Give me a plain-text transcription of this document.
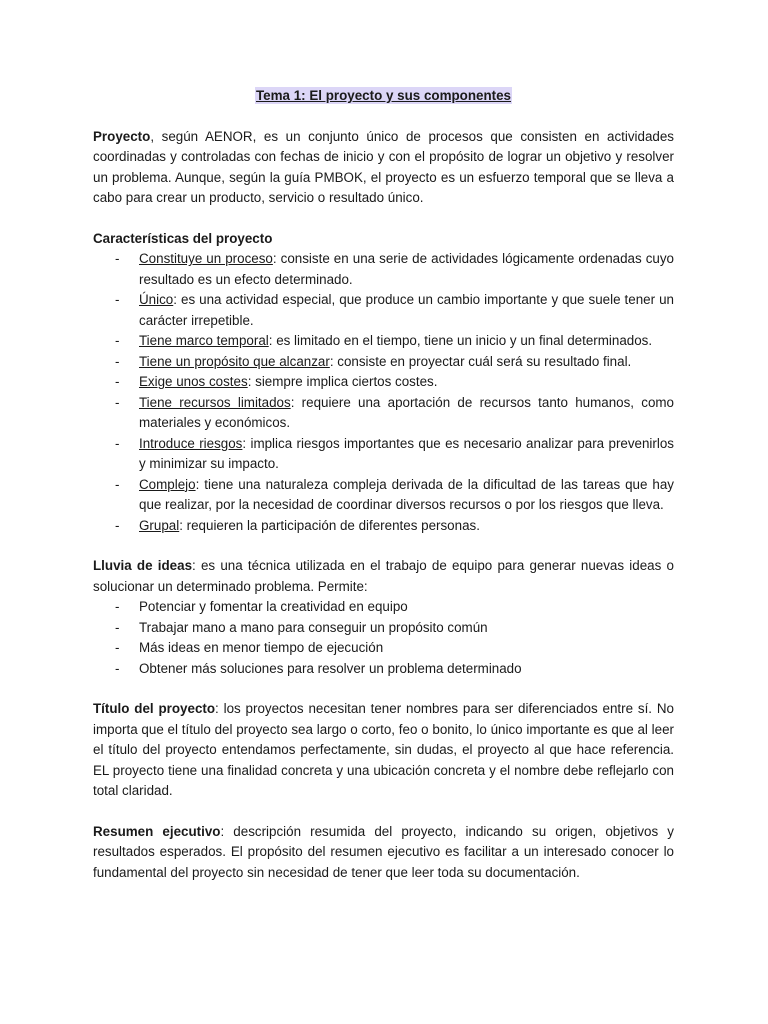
Tema 1: El proyecto y sus componentes

Proyecto, según AENOR, es un conjunto único de procesos que consisten en actividades coordinadas y controladas con fechas de inicio y con el propósito de lograr un objetivo y resolver un problema. Aunque, según la guía PMBOK, el proyecto es un esfuerzo temporal que se lleva a cabo para crear un producto, servicio o resultado único.

Características del proyecto

- Constituye un proceso: consiste en una serie de actividades lógicamente ordenadas cuyo resultado es un efecto determinado.
- Único: es una actividad especial, que produce un cambio importante y que suele tener un carácter irrepetible.
- Tiene marco temporal: es limitado en el tiempo, tiene un inicio y un final determinados.
- Tiene un propósito que alcanzar: consiste en proyectar cuál será su resultado final.
- Exige unos costes: siempre implica ciertos costes.
- Tiene recursos limitados: requiere una aportación de recursos tanto humanos, como materiales y económicos.
- Introduce riesgos: implica riesgos importantes que es necesario analizar para prevenirlos y minimizar su impacto.
- Complejo: tiene una naturaleza compleja derivada de la dificultad de las tareas que hay que realizar, por la necesidad de coordinar diversos recursos o por los riesgos que lleva.
- Grupal: requieren la participación de diferentes personas.

Lluvia de ideas: es una técnica utilizada en el trabajo de equipo para generar nuevas ideas o solucionar un determinado problema. Permite:

- Potenciar y fomentar la creatividad en equipo
- Trabajar mano a mano para conseguir un propósito común
- Más ideas en menor tiempo de ejecución
- Obtener más soluciones para resolver un problema determinado

Título del proyecto: los proyectos necesitan tener nombres para ser diferenciados entre sí. No importa que el título del proyecto sea largo o corto, feo o bonito, lo único importante es que al leer el título del proyecto entendamos perfectamente, sin dudas, el proyecto al que hace referencia. EL proyecto tiene una finalidad concreta y una ubicación concreta y el nombre debe reflejarlo con total claridad.

Resumen ejecutivo: descripción resumida del proyecto, indicando su origen, objetivos y resultados esperados. El propósito del resumen ejecutivo es facilitar a un interesado conocer lo fundamental del proyecto sin necesidad de tener que leer toda su documentación.
